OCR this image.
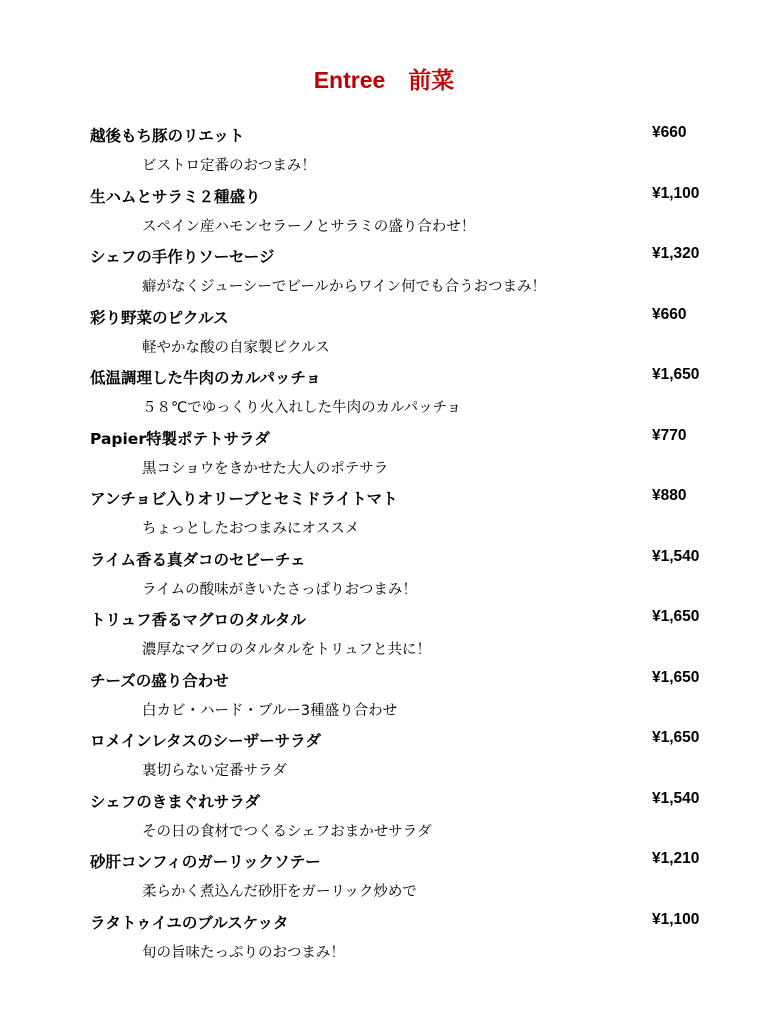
Entree　前菜
越後もち豚のリエット	¥660
ビストロ定番のおつまみ！
生ハムとサラミ２種盛り	¥1,100
スペイン産ハモンセラーノとサラミの盛り合わせ！
シェフの手作りソーセージ	¥1,320
癖がなくジューシーでビールからワイン何でも合うおつまみ！
彩り野菜のピクルス	¥660
軽やかな酸の自家製ピクルス
低温調理した牛肉のカルパッチョ	¥1,650
５８℃でゆっくり火入れした牛肉のカルパッチョ
Papier特製ポテトサラダ	¥770
黒コショウをきかせた大人のポテサラ
アンチョビ入りオリーブとセミドライトマト	¥880
ちょっとしたおつまみにオススメ
ライム香る真ダコのセビーチェ	¥1,540
ライムの酸味がきいたさっぱりおつまみ！
トリュフ香るマグロのタルタル	¥1,650
濃厚なマグロのタルタルをトリュフと共に！
チーズの盛り合わせ	¥1,650
白カビ・ハード・ブルー3種盛り合わせ
ロメインレタスのシーザーサラダ	¥1,650
裏切らない定番サラダ
シェフのきまぐれサラダ	¥1,540
その日の食材でつくるシェフおまかせサラダ
砂肝コンフィのガーリックソテー	¥1,210
柔らかく煮込んだ砂肝をガーリック炒めで
ラタトゥイユのブルスケッタ	¥1,100
旬の旨味たっぷりのおつまみ！
